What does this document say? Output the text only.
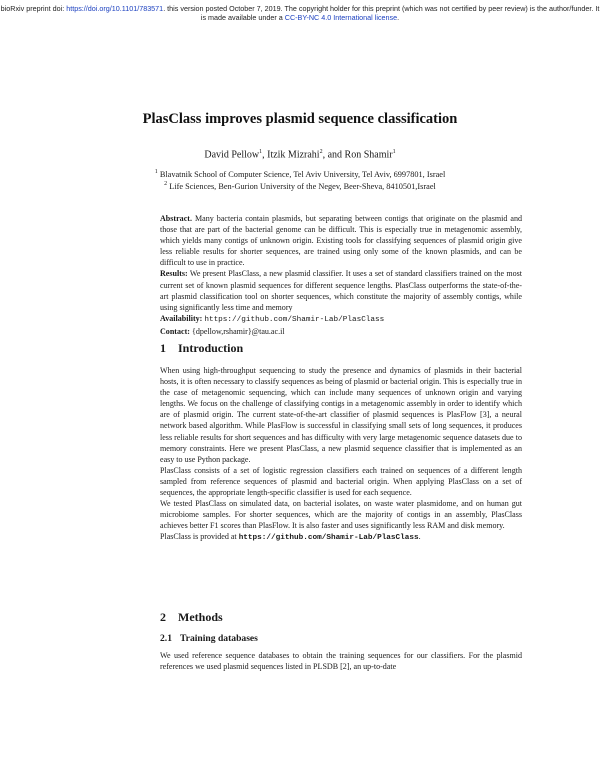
bioRxiv preprint doi: https://doi.org/10.1101/783571. this version posted October 7, 2019. The copyright holder for this preprint (which was not certified by peer review) is the author/funder. It is made available under a CC-BY-NC 4.0 International license.
PlasClass improves plasmid sequence classification
David Pellow$^1$, Itzik Mizrahi$^2$, and Ron Shamir$^1$
$^1$ Blavatnik School of Computer Science, Tel Aviv University, Tel Aviv, 6997801, Israel
$^2$ Life Sciences, Ben-Gurion University of the Negev, Beer-Sheva, 8410501,Israel

Abstract. Many bacteria contain plasmids, but separating between contigs that originate on the plasmid and those that are part of the bacterial genome can be difficult. This is especially true in metagenomic assembly, which yields many contigs of unknown origin. Existing tools for classifying sequences of plasmid origin give less reliable results for shorter sequences, are trained using only some of the known plasmids, and can be difficult to use in practice.

Results: We present PlasClass, a new plasmid classifier. It uses a set of standard classifiers trained on the most current set of known plasmid sequences for different sequence lengths. PlasClass outperforms the state-of-the-art plasmid classification tool on shorter sequences, which constitute the majority of assembly contigs, while using significantly less time and memory

Availability: https://github.com/Shamir-Lab/PlasClass

Contact: {dpellow,rshamir}@tau.ac.il

1 Introduction

When using high-throughput sequencing to study the presence and dynamics of plasmids in their bacterial hosts, it is often necessary to classify sequences as being of plasmid or bacterial origin. This is especially true in the case of metagenomic sequencing, which can include many sequences of unknown origin and varying lengths. We focus on the challenge of classifying contigs in a metagenomic assembly in order to identify which are of plasmid origin. The current state-of-the-art classifier of plasmid sequences is PlasFlow [3], a neural network based algorithm. While PlasFlow is successful in classifying small sets of long sequences, it produces less reliable results for short sequences and has difficulty with very large metagenomic sequence datasets due to memory constraints. Here we present PlasClass, a new plasmid sequence classifier that is implemented as an easy to use Python package.

PlasClass consists of a set of logistic regression classifiers each trained on sequences of a different length sampled from reference sequences of plasmid and bacterial origin. When applying PlasClass on a set of sequences, the appropriate length-specific classifier is used for each sequence.

We tested PlasClass on simulated data, on bacterial isolates, on waste water plasmidome, and on human gut microbiome samples. For shorter sequences, which are the majority of contigs in an assembly, PlasClass achieves better F1 scores than PlasFlow. It is also faster and uses significantly less RAM and disk memory.

PlasClass is provided at https://github.com/Shamir-Lab/PlasClass.

2 Methods
2.1 Training databases

We used reference sequence databases to obtain the training sequences for our classifiers. For the plasmid references we used plasmid sequences listed in PLSDB [2], an up-to-date
